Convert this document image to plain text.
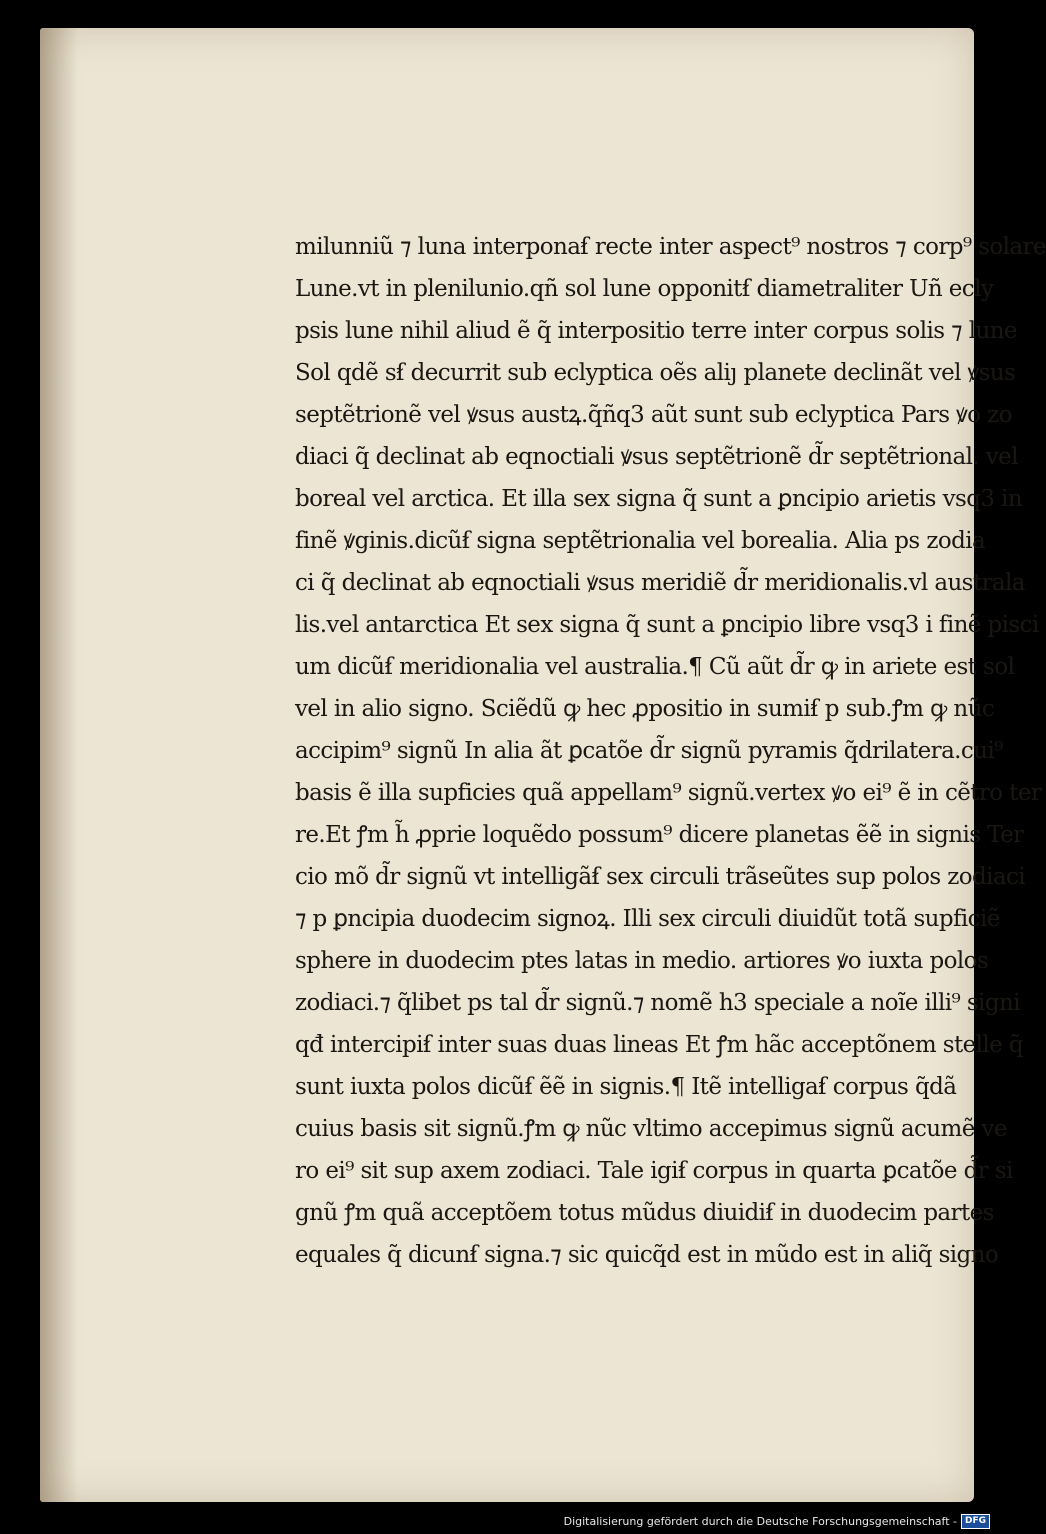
milunniũ ⁊ luna interponaẜ recte inter aspect⁹ nostros ⁊ corp⁹ solare
Lune.vt in plenilunio.qñ sol lune opponitẜ diametraliter Uñ ecly
psis lune nihil aliud ẽ q̃ interpositio terre inter corpus solis ⁊ lune
Sol qdẽ sẜ decurrit sub eclyptica oẽs aliȷ planete declinãt vel ꝟsus
septẽtrionẽ vel ꝟsus austꝝ.q̃ñq3 aũt sunt sub eclyptica Pars ꝟo zo
diaci q̃ declinat ab eqnoctiali ꝟsus septẽtrionẽ d̃r septẽtrional. vel
boreal vel arctica. Et illa sex signa q̃ sunt a ꝑncipio arietis vsq3 in
finẽ ꝟginis.dicũẜ signa septẽtrionalia vel borealia. Alia ps zodia
ci q̃ declinat ab eqnoctiali ꝟsus meridiẽ d̃r meridionalis.vl australa
lis.vel antarctica Et sex signa q̃ sunt a ꝑncipio libre vsq3 i finẽ pisci
um dicũẜ meridionalia vel australia.¶ Cũ aũt d̃r ꝙ in ariete est sol
vel in alio signo. Sciẽdũ ꝙ hec ꝓpositio in sumiẜ p sub.ꝭm ꝙ nũc
accipim⁹ signũ In alia ãt ꝑcatõe d̃r signũ pyramis q̃drilatera.cui⁹
basis ẽ illa supficies quã appellam⁹ signũ.vertex ꝟo ei⁹ ẽ in cẽtro ter
re.Et ꝭm h̃ ꝓprie loquẽdo possum⁹ dicere planetas ẽẽ in signis Ter
cio mõ d̃r signũ vt intelligãẜ sex circuli trãseũtes sup polos zodiaci
⁊ p ꝑncipia duodecim signoꝝ. Illi sex circuli diuidũt totã supficiẽ
sphere in duodecim ptes latas in medio. artiores ꝟo iuxta polos
zodiaci.⁊ q̃libet ps tal d̃r signũ.⁊ nomẽ h3 speciale a noĩe illi⁹ signi
qđ intercipiẜ inter suas duas lineas Et ꝭm hãc acceptõnem stelle q̃
sunt iuxta polos dicũẜ ẽẽ in signis.¶ Itẽ intelligaẜ corpus q̃dã
cuius basis sit signũ.ꝭm ꝙ nũc vltimo accepimus signũ acumẽ ve
ro ei⁹ sit sup axem zodiaci. Tale igiẜ corpus in quarta ꝑcatõe d̃r si
gnũ ꝭm quã acceptõem totus mũdus diuidiẜ in duodecim partes
equales q̃ dicunẜ signa.⁊ sic quicq̃d est in mũdo est in aliq̃ signo
Digitalisierung gefördert durch die Deutsche Forschungsgemeinschaft - DFG
